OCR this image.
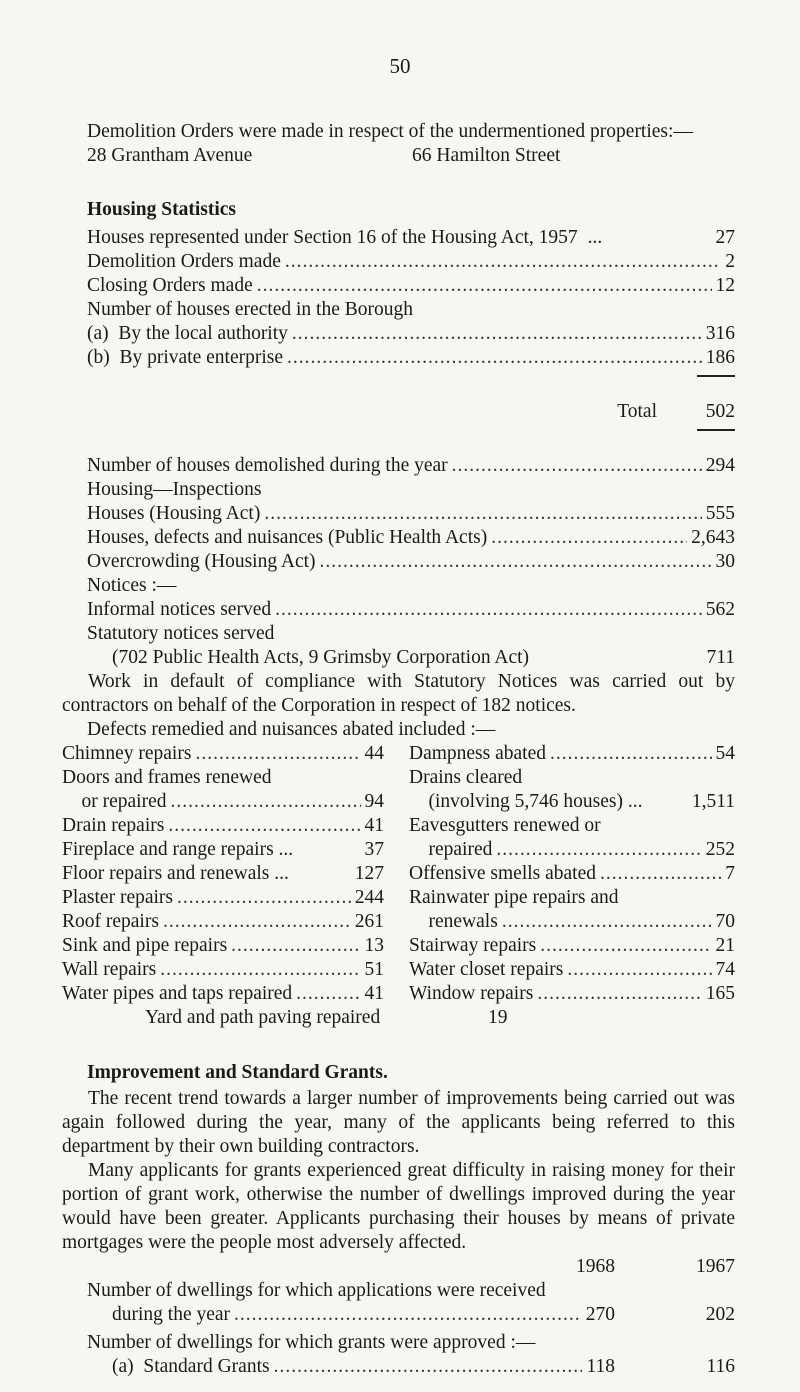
50
Demolition Orders were made in respect of the undermentioned properties:—
28 Grantham Avenue	66 Hamilton Street
Housing Statistics
Houses represented under Section 16 of the Housing Act, 1957 ...	27
Demolition Orders made .....	2
Closing Orders made .....	12
Number of houses erected in the Borough
(a)  By the local authority .....	316
(b)  By private enterprise .....	186
Total	502
Number of houses demolished during the year .....	294
Housing—Inspections
Houses (Housing Act) .....	555
Houses, defects and nuisances (Public Health Acts) .....	2,643
Overcrowding (Housing Act) .....	30
Notices :—
Informal notices served .....	562
Statutory notices served
(702 Public Health Acts, 9 Grimsby Corporation Act)	711
Work in default of compliance with Statutory Notices was carried out by contractors on behalf of the Corporation in respect of 182 notices.
Defects remedied and nuisances abated included :—
Chimney repairs .....	44
Doors and frames renewed
or repaired .....	94
Drain repairs .....	41
Fireplace and range repairs ...	37
Floor repairs and renewals ...	127
Plaster repairs .....	244
Roof repairs .....	261
Sink and pipe repairs .....	13
Wall repairs .....	51
Water pipes and taps repaired .....	41
Dampness abated .....	54
Drains cleared
(involving 5,746 houses) ...	1,511
Eavesgutters renewed or
repaired .....	252
Offensive smells abated .....	7
Rainwater pipe repairs and
renewals .....	70
Stairway repairs .....	21
Water closet repairs .....	74
Window repairs .....	165
Yard and path paving repaired	19
Improvement and Standard Grants.
The recent trend towards a larger number of improvements being carried out was again followed during the year, many of the applicants being referred to this department by their own building contractors.
Many applicants for grants experienced great difficulty in raising money for their portion of grant work, otherwise the number of dwellings improved during the year would have been greater. Applicants purchasing their houses by means of private mortgages were the people most adversely affected.
1968	1967
Number of dwellings for which applications were received
during the year .....	270	202
Number of dwellings for which grants were approved :—
(a)  Standard Grants .....	118	116
